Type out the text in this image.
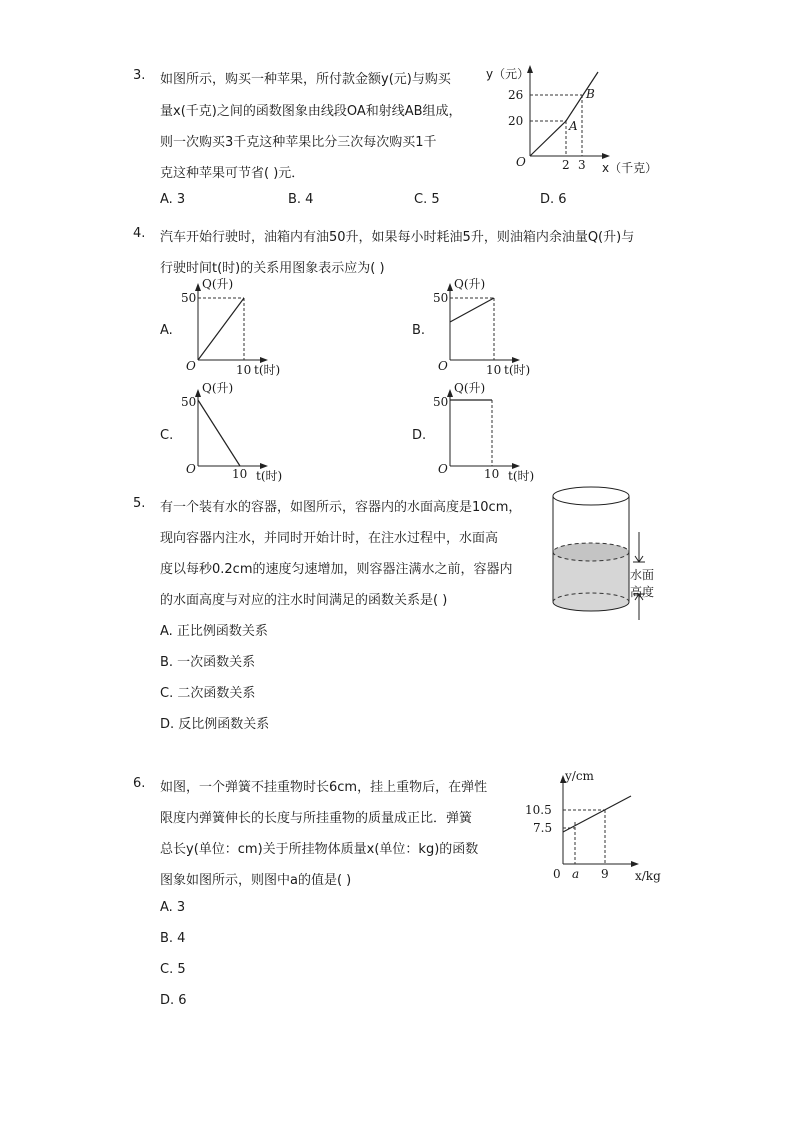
3. 如图所示，购买一种苹果，所付款金额y(元)与购买
量x(千克)之间的函数图象由线段OA和射线AB组成，
则一次购买3千克这种苹果比分三次每次购买1千
克这种苹果可节省( )元．
y（元）
x（千克）
O
26
20
2 3
A
B
A. 3	B. 4	C. 5	D. 6
4. 汽车开始行驶时，油箱内有油50升，如果每小时耗油5升，则油箱内余油量Q(升)与
行驶时间t(时)的关系用图象表示应为( )
A.	B.
C.	D.
Q(升)
50
O	10 t(时)
Q(升)
50
O	10 t(时)
Q(升)
50
O	10 t(时)
Q(升)
50
O	10 t(时)
5. 有一个装有水的容器，如图所示，容器内的水面高度是10cm，
现向容器内注水，并同时开始计时，在注水过程中，水面高
度以每秒0.2cm的速度匀速增加，则容器注满水之前，容器内
的水面高度与对应的注水时间满足的函数关系是( )
水面
高度
A. 正比例函数关系
B. 一次函数关系
C. 二次函数关系
D. 反比例函数关系
6. 如图，一个弹簧不挂重物时长6cm，挂上重物后，在弹性
限度内弹簧伸长的长度与所挂重物的质量成正比．弹簧
总长y(单位：cm)关于所挂物体质量x(单位：kg)的函数
图象如图所示，则图中a的值是( )
y/cm
x/kg
0
10.5
7.5
a 9
A. 3
B. 4
C. 5
D. 6
